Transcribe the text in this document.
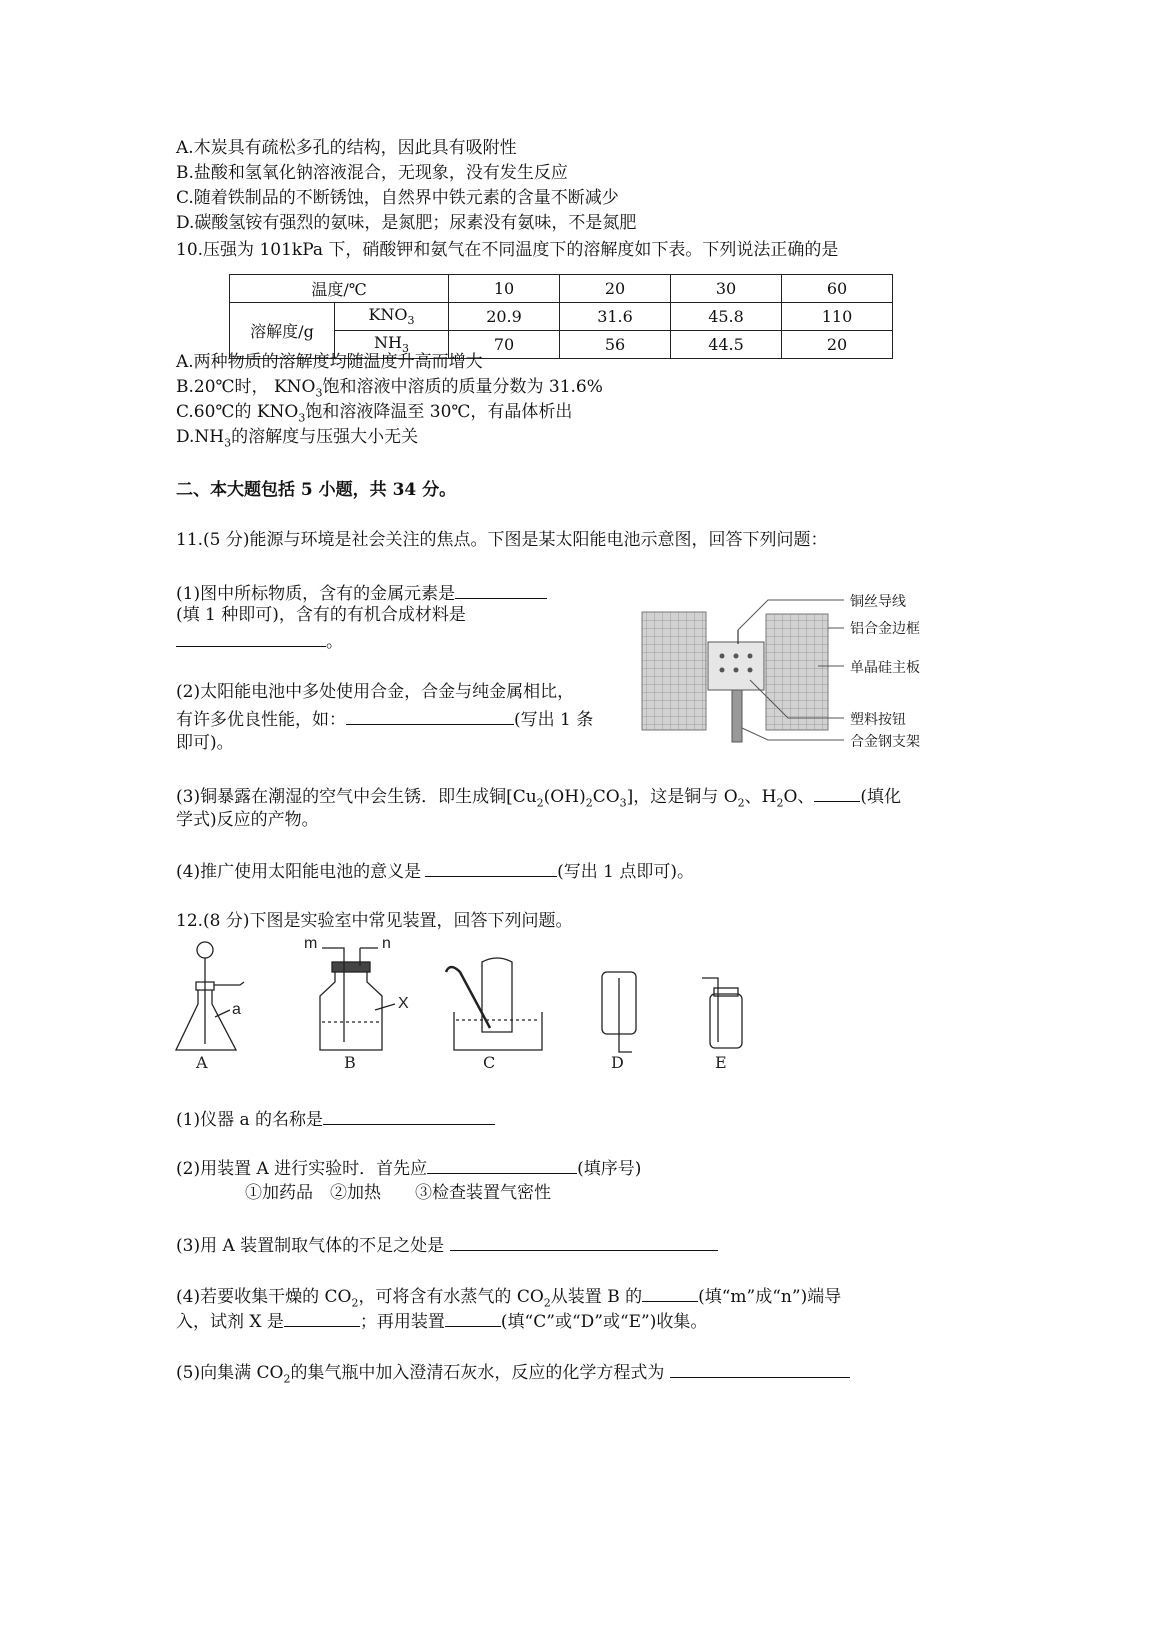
A.木炭具有疏松多孔的结构，因此具有吸附性
B.盐酸和氢氧化钠溶液混合，无现象，没有发生反应
C.随着铁制品的不断锈蚀，自然界中铁元素的含量不断减少
D.碳酸氢铵有强烈的氨味，是氮肥；尿素没有氨味，不是氮肥
10.压强为 101kPa 下，硝酸钾和氨气在不同温度下的溶解度如下表。下列说法正确的是
温度/℃		10	20	30	60
溶解度/g	$KNO_3$	20.9	31.6	45.8	110
	$NH_3$	70	56	44.5	20
A.两种物质的溶解度均随温度升高而增大
B.20℃时， $KNO_3$饱和溶液中溶质的质量分数为 31.6%
C.60℃的 $KNO_3$饱和溶液降温至 30℃，有晶体析出
$D.NH_3$的溶解度与压强大小无关
二、本大题包括 5 小题，共 34 分。
11.(5 分)能源与环境是社会关注的焦点。下图是某太阳能电池示意图，回答下列问题：
(1)图中所标物质，含有的金属元素是
(填 1 种即可)，含有的有机合成材料是
。
(2)太阳能电池中多处使用合金，合金与纯金属相比，
有许多优良性能，如：	(写出 1 条
即可)。
(3)铜暴露在潮湿的空气中会生锈．即生成铜$[Cu_2(OH)_2CO_3]$，这是铜与 $O_2$、$H_2O$、	(填化
学式)反应的产物。
(4)推广使用太阳能电池的意义是	(写出 1 点即可)。
铜丝导线
铝合金边框
单晶硅主板
塑料按钮
合金钢支架
12.(8 分)下图是实验室中常见装置，回答下列问题。
a
m	n
X
A	B	C	D	E
(1)仪器 a 的名称是
(2)用装置 A 进行实验时．首先应	(填序号)
①加药品　②加热　　③检查装置气密性
(3)用 A 装置制取气体的不足之处是
(4)若要收集干燥的 $CO_2$，可将含有水蒸气的 $CO_2$从装置 B 的	(填“m”成“n”)端导
入，试剂 X 是	；再用装置	(填“C”或“D”或“E”)收集。
(5)向集满 $CO_2$的集气瓶中加入澄清石灰水，反应的化学方程式为
